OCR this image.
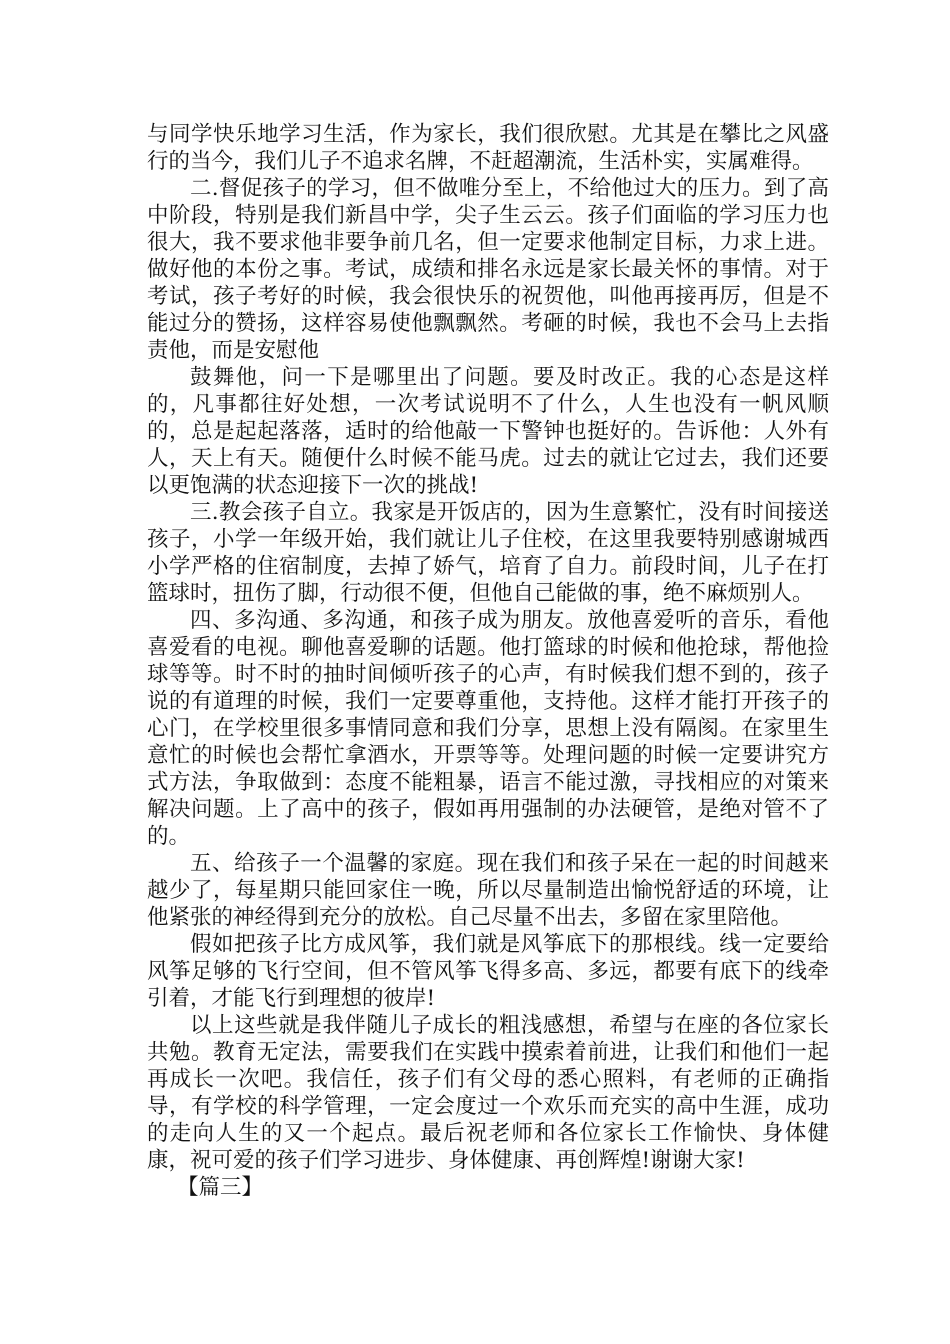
与同学快乐地学习生活，作为家长，我们很欣慰。尤其是在攀比之风盛行的当今，我们儿子不追求名牌，不赶超潮流，生活朴实，实属难得。

二.督促孩子的学习，但不做唯分至上，不给他过大的压力。到了高中阶段，特别是我们新昌中学，尖子生云云。孩子们面临的学习压力也很大，我不要求他非要争前几名，但一定要求他制定目标，力求上进。做好他的本份之事。考试，成绩和排名永远是家长最关怀的事情。对于考试，孩子考好的时候，我会很快乐的祝贺他，叫他再接再厉，但是不能过分的赞扬，这样容易使他飘飘然。考砸的时候，我也不会马上去指责他，而是安慰他

鼓舞他，问一下是哪里出了问题。要及时改正。我的心态是这样的，凡事都往好处想，一次考试说明不了什么，人生也没有一帆风顺的，总是起起落落，适时的给他敲一下警钟也挺好的。告诉他：人外有人，天上有天。随便什么时候不能马虎。过去的就让它过去，我们还要以更饱满的状态迎接下一次的挑战!

三.教会孩子自立。我家是开饭店的，因为生意繁忙，没有时间接送孩子，小学一年级开始，我们就让儿子住校，在这里我要特别感谢城西小学严格的住宿制度，去掉了娇气，培育了自力。前段时间，儿子在打篮球时，扭伤了脚，行动很不便，但他自己能做的事，绝不麻烦别人。

四、多沟通、多沟通，和孩子成为朋友。放他喜爱听的音乐，看他喜爱看的电视。聊他喜爱聊的话题。他打篮球的时候和他抢球，帮他捡球等等。时不时的抽时间倾听孩子的心声，有时候我们想不到的，孩子说的有道理的时候，我们一定要尊重他，支持他。这样才能打开孩子的心门，在学校里很多事情同意和我们分享，思想上没有隔阂。在家里生意忙的时候也会帮忙拿酒水，开票等等。处理问题的时候一定要讲究方式方法，争取做到：态度不能粗暴，语言不能过激，寻找相应的对策来解决问题。上了高中的孩子，假如再用强制的办法硬管，是绝对管不了的。

五、给孩子一个温馨的家庭。现在我们和孩子呆在一起的时间越来越少了，每星期只能回家住一晚，所以尽量制造出愉悦舒适的环境，让他紧张的神经得到充分的放松。自己尽量不出去，多留在家里陪他。

假如把孩子比方成风筝，我们就是风筝底下的那根线。线一定要给风筝足够的飞行空间，但不管风筝飞得多高、多远，都要有底下的线牵引着，才能飞行到理想的彼岸!

以上这些就是我伴随儿子成长的粗浅感想，希望与在座的各位家长共勉。教育无定法，需要我们在实践中摸索着前进，让我们和他们一起再成长一次吧。我信任，孩子们有父母的悉心照料，有老师的正确指导，有学校的科学管理，一定会度过一个欢乐而充实的高中生涯，成功的走向人生的又一个起点。最后祝老师和各位家长工作愉快、身体健康，祝可爱的孩子们学习进步、身体健康、再创辉煌!谢谢大家!

【篇三】
